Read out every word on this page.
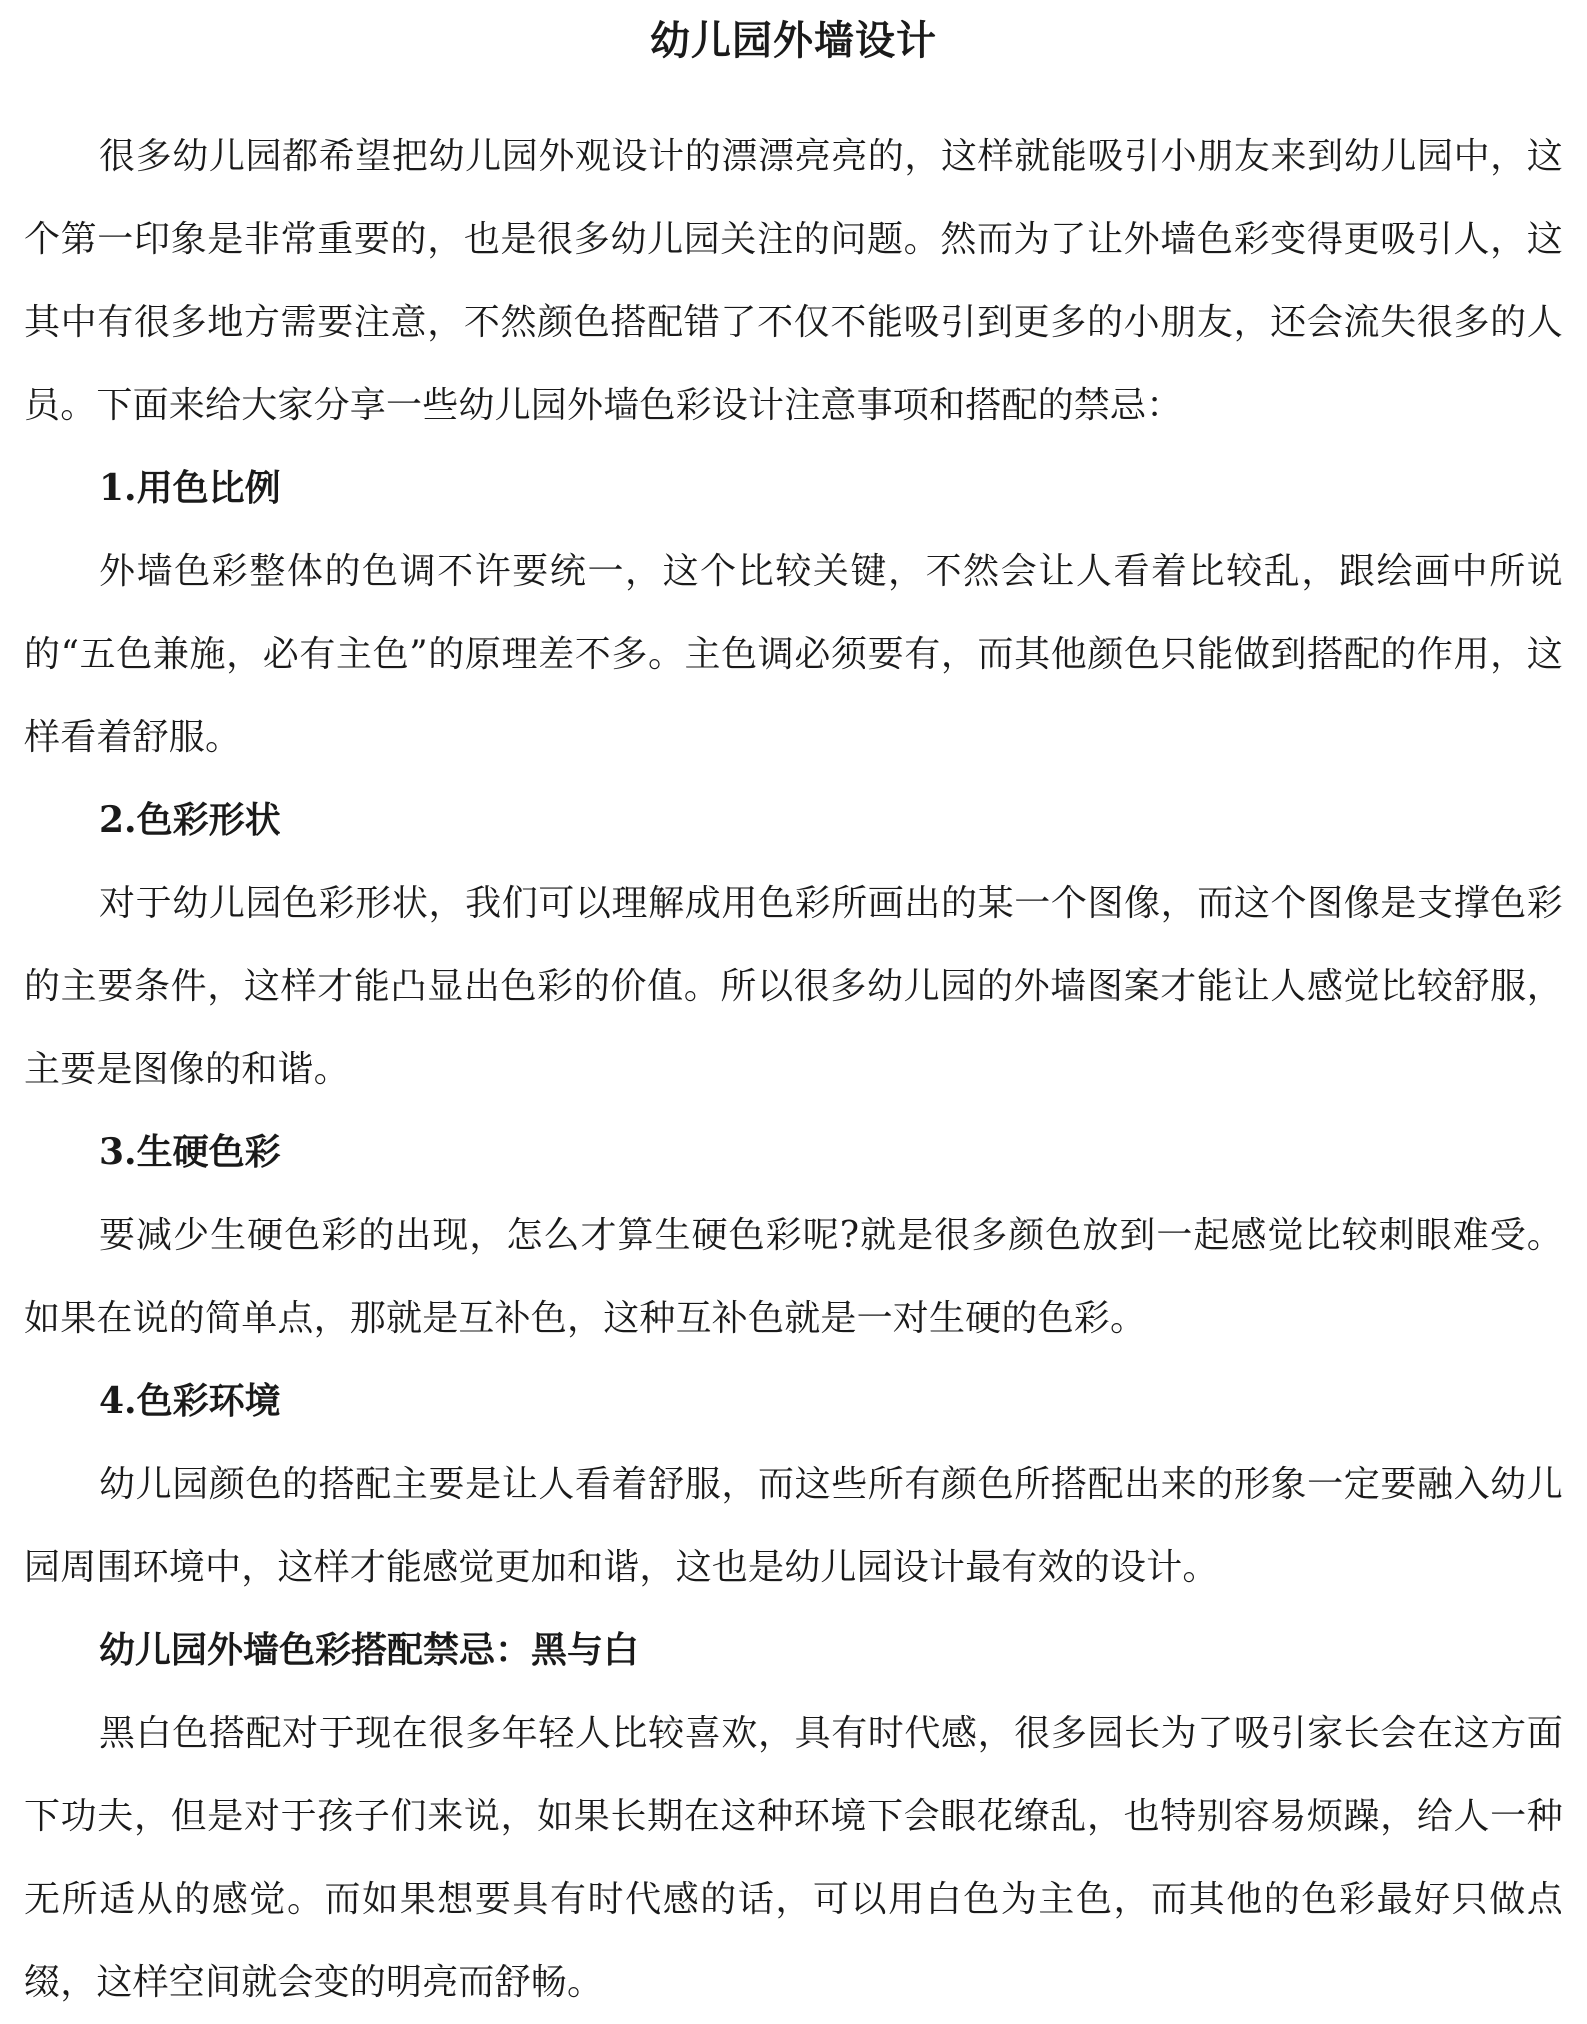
幼儿园外墙设计

很多幼儿园都希望把幼儿园外观设计的漂漂亮亮的，这样就能吸引小朋友来到幼儿园中，这个第一印象是非常重要的，也是很多幼儿园关注的问题。然而为了让外墙色彩变得更吸引人，这其中有很多地方需要注意，不然颜色搭配错了不仅不能吸引到更多的小朋友，还会流失很多的人员。下面来给大家分享一些幼儿园外墙色彩设计注意事项和搭配的禁忌：

1.用色比例

外墙色彩整体的色调不许要统一，这个比较关键，不然会让人看着比较乱，跟绘画中所说的“五色兼施，必有主色”的原理差不多。主色调必须要有，而其他颜色只能做到搭配的作用，这样看着舒服。

2.色彩形状

对于幼儿园色彩形状，我们可以理解成用色彩所画出的某一个图像，而这个图像是支撑色彩的主要条件，这样才能凸显出色彩的价值。所以很多幼儿园的外墙图案才能让人感觉比较舒服，主要是图像的和谐。

3.生硬色彩

要减少生硬色彩的出现，怎么才算生硬色彩呢?就是很多颜色放到一起感觉比较刺眼难受。如果在说的简单点，那就是互补色，这种互补色就是一对生硬的色彩。

4.色彩环境

幼儿园颜色的搭配主要是让人看着舒服，而这些所有颜色所搭配出来的形象一定要融入幼儿园周围环境中，这样才能感觉更加和谐，这也是幼儿园设计最有效的设计。

幼儿园外墙色彩搭配禁忌：黑与白

黑白色搭配对于现在很多年轻人比较喜欢，具有时代感，很多园长为了吸引家长会在这方面下功夫，但是对于孩子们来说，如果长期在这种环境下会眼花缭乱，也特别容易烦躁，给人一种无所适从的感觉。而如果想要具有时代感的话，可以用白色为主色，而其他的色彩最好只做点缀，这样空间就会变的明亮而舒畅。
